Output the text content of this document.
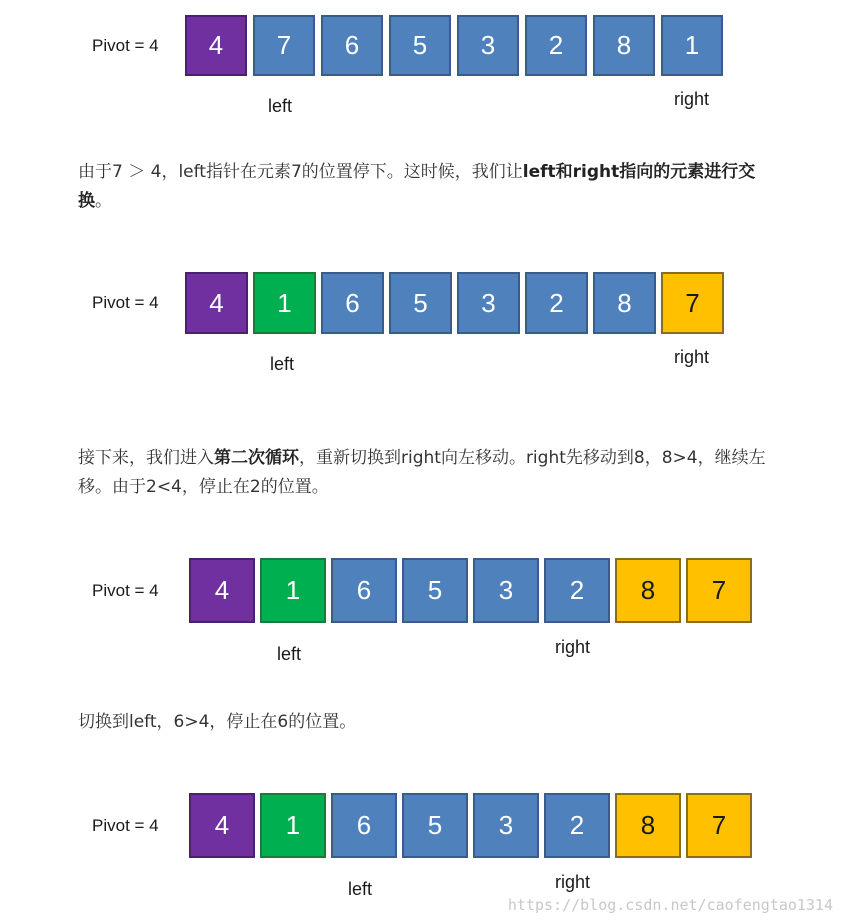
由于7 ＞ 4，left指针在元素7的位置停下。这时候，我们让left和right指向的元素进行交换。
接下来，我们进入第二次循环，重新切换到right向左移动。right先移动到8，8>4，继续左移。由于2<4，停止在2的位置。
切换到left，6>4，停止在6的位置。
https://blog.csdn.net/caofengtao1314
Pivot = 4	4	7	6	5	3	2	8	1
left	right
Pivot = 4	4	1	6	5	3	2	8	7
left	right
Pivot = 4	4	1	6	5	3	2	8	7
left	right
Pivot = 4	4	1	6	5	3	2	8	7
left	right
